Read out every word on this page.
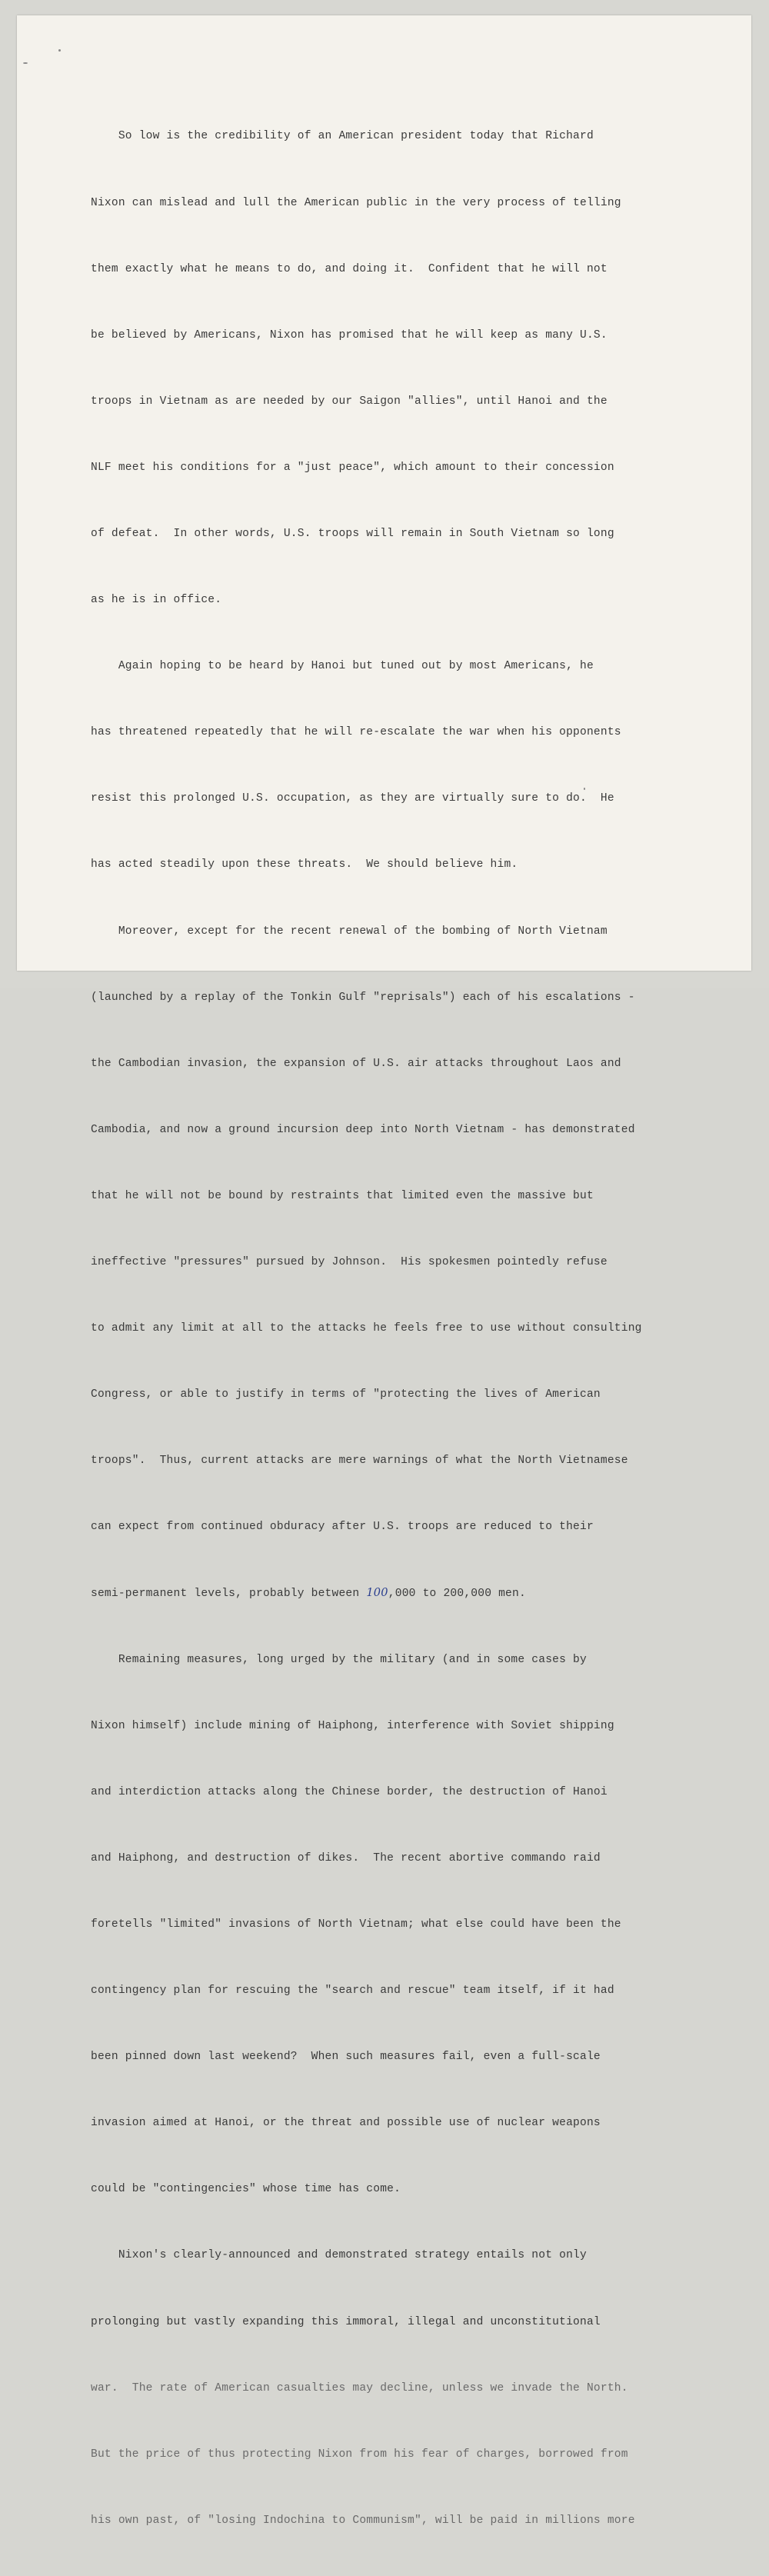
So low is the credibility of an American president today that Richard

Nixon can mislead and lull the American public in the very process of telling

them exactly what he means to do, and doing it.  Confident that he will not

be believed by Americans, Nixon has promised that he will keep as many U.S.

troops in Vietnam as are needed by our Saigon "allies", until Hanoi and the

NLF meet his conditions for a "just peace", which amount to their concession

of defeat.  In other words, U.S. troops will remain in South Vietnam so long

as he is in office.

Again hoping to be heard by Hanoi but tuned out by most Americans, he

has threatened repeatedly that he will re-escalate the war when his opponents

resist this prolonged U.S. occupation, as they are virtually sure to do.  He

has acted steadily upon these threats.  We should believe him.

Moreover, except for the recent renewal of the bombing of North Vietnam

(launched by a replay of the Tonkin Gulf "reprisals") each of his escalations -

the Cambodian invasion, the expansion of U.S. air attacks throughout Laos and

Cambodia, and now a ground incursion deep into North Vietnam - has demonstrated

that he will not be bound by restraints that limited even the massive but

ineffective "pressures" pursued by Johnson.  His spokesmen pointedly refuse

to admit any limit at all to the attacks he feels free to use without consulting

Congress, or able to justify in terms of "protecting the lives of American

troops".  Thus, current attacks are mere warnings of what the North Vietnamese

can expect from continued obduracy after U.S. troops are reduced to their

semi-permanent levels, probably between 100,000 to 200,000 men.

Remaining measures, long urged by the military (and in some cases by

Nixon himself) include mining of Haiphong, interference with Soviet shipping

and interdiction attacks along the Chinese border, the destruction of Hanoi

and Haiphong, and destruction of dikes.  The recent abortive commando raid

foretells "limited" invasions of North Vietnam; what else could have been the

contingency plan for rescuing the "search and rescue" team itself, if it had

been pinned down last weekend?  When such measures fail, even a full-scale

invasion aimed at Hanoi, or the threat and possible use of nuclear weapons

could be "contingencies" whose time has come.

Nixon's clearly-announced and demonstrated strategy entails not only

prolonging but vastly expanding this immoral, illegal and unconstitutional

war.  The rate of American casualties may decline, unless we invade the North.

But the price of thus protecting Nixon from his fear of charges, borrowed from

his own past, of "losing Indochina to Communism", will be paid in millions more
